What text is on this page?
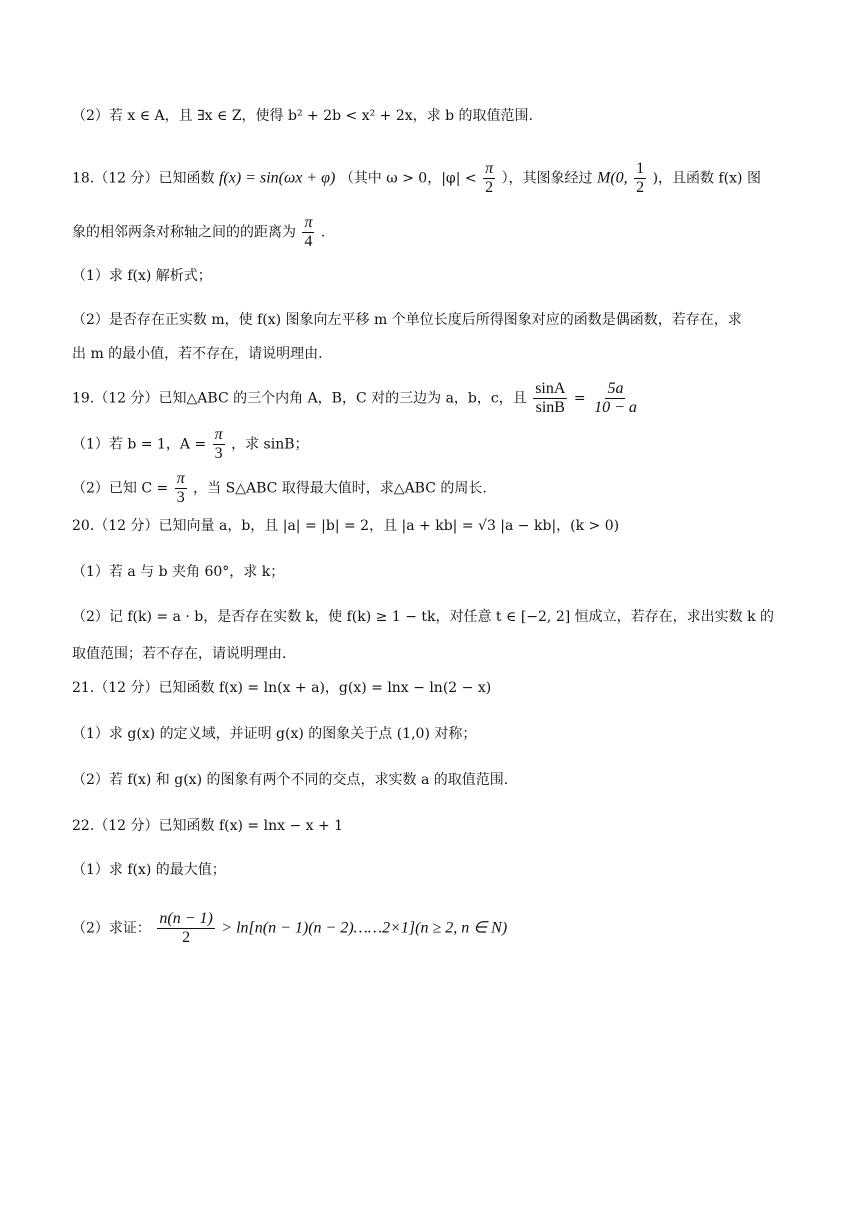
（2）若 x ∈ A，且 ∃x ∈ Z，使得 b² + 2b < x² + 2x，求 b 的取值范围.
18.（12 分）已知函数 f(x) = sin(ωx + φ) （其中 ω > 0，$|\varphi| < \frac{\pi}{2}$ ），其图象经过 M(0, $\frac{1}{2}$ )，且函数 f(x) 图
象的相邻两条对称轴之间的的距离为 $\frac{\pi}{4}$ .
（1）求 f(x) 解析式；
（2）是否存在正实数 m，使 f(x) 图象向左平移 m 个单位长度后所得图象对应的函数是偶函数，若存在，求
出 m 的最小值，若不存在，请说明理由.
19.（12 分）已知△ABC 的三个内角 A，B，C 对的三边为 a，b，c，且 $\frac{\sin A}{\sin B} = \frac{5a}{10 - a}$
（1）若 b = 1，$A = \frac{\pi}{3}$ ，求 sinB；
（2）已知 $C = \frac{\pi}{3}$ ，当 S△ABC 取得最大值时，求△ABC 的周长.
20.（12 分）已知向量 a，b，且 |a| = |b| = 2，且 |a + kb| = √3 |a − kb|，(k > 0)
（1）若 a 与 b 夹角 60°，求 k；
（2）记 f(k) = a · b，是否存在实数 k，使 f(k) ≥ 1 − tk，对任意 t ∈ [−2, 2] 恒成立，若存在，求出实数 k 的
取值范围；若不存在，请说明理由.
21.（12 分）已知函数 f(x) = ln(x + a)，g(x) = lnx − ln(2 − x)
（1）求 g(x) 的定义域，并证明 g(x) 的图象关于点 (1,0) 对称；
（2）若 f(x) 和 g(x) 的图象有两个不同的交点，求实数 a 的取值范围.
22.（12 分）已知函数 f(x) = lnx − x + 1
（1）求 f(x) 的最大值；
（2）求证： $\frac{n(n - 1)}{2} > \ln[n(n - 1)(n$ − 2)……2×1](n ≥ 2, n ∈ N)
